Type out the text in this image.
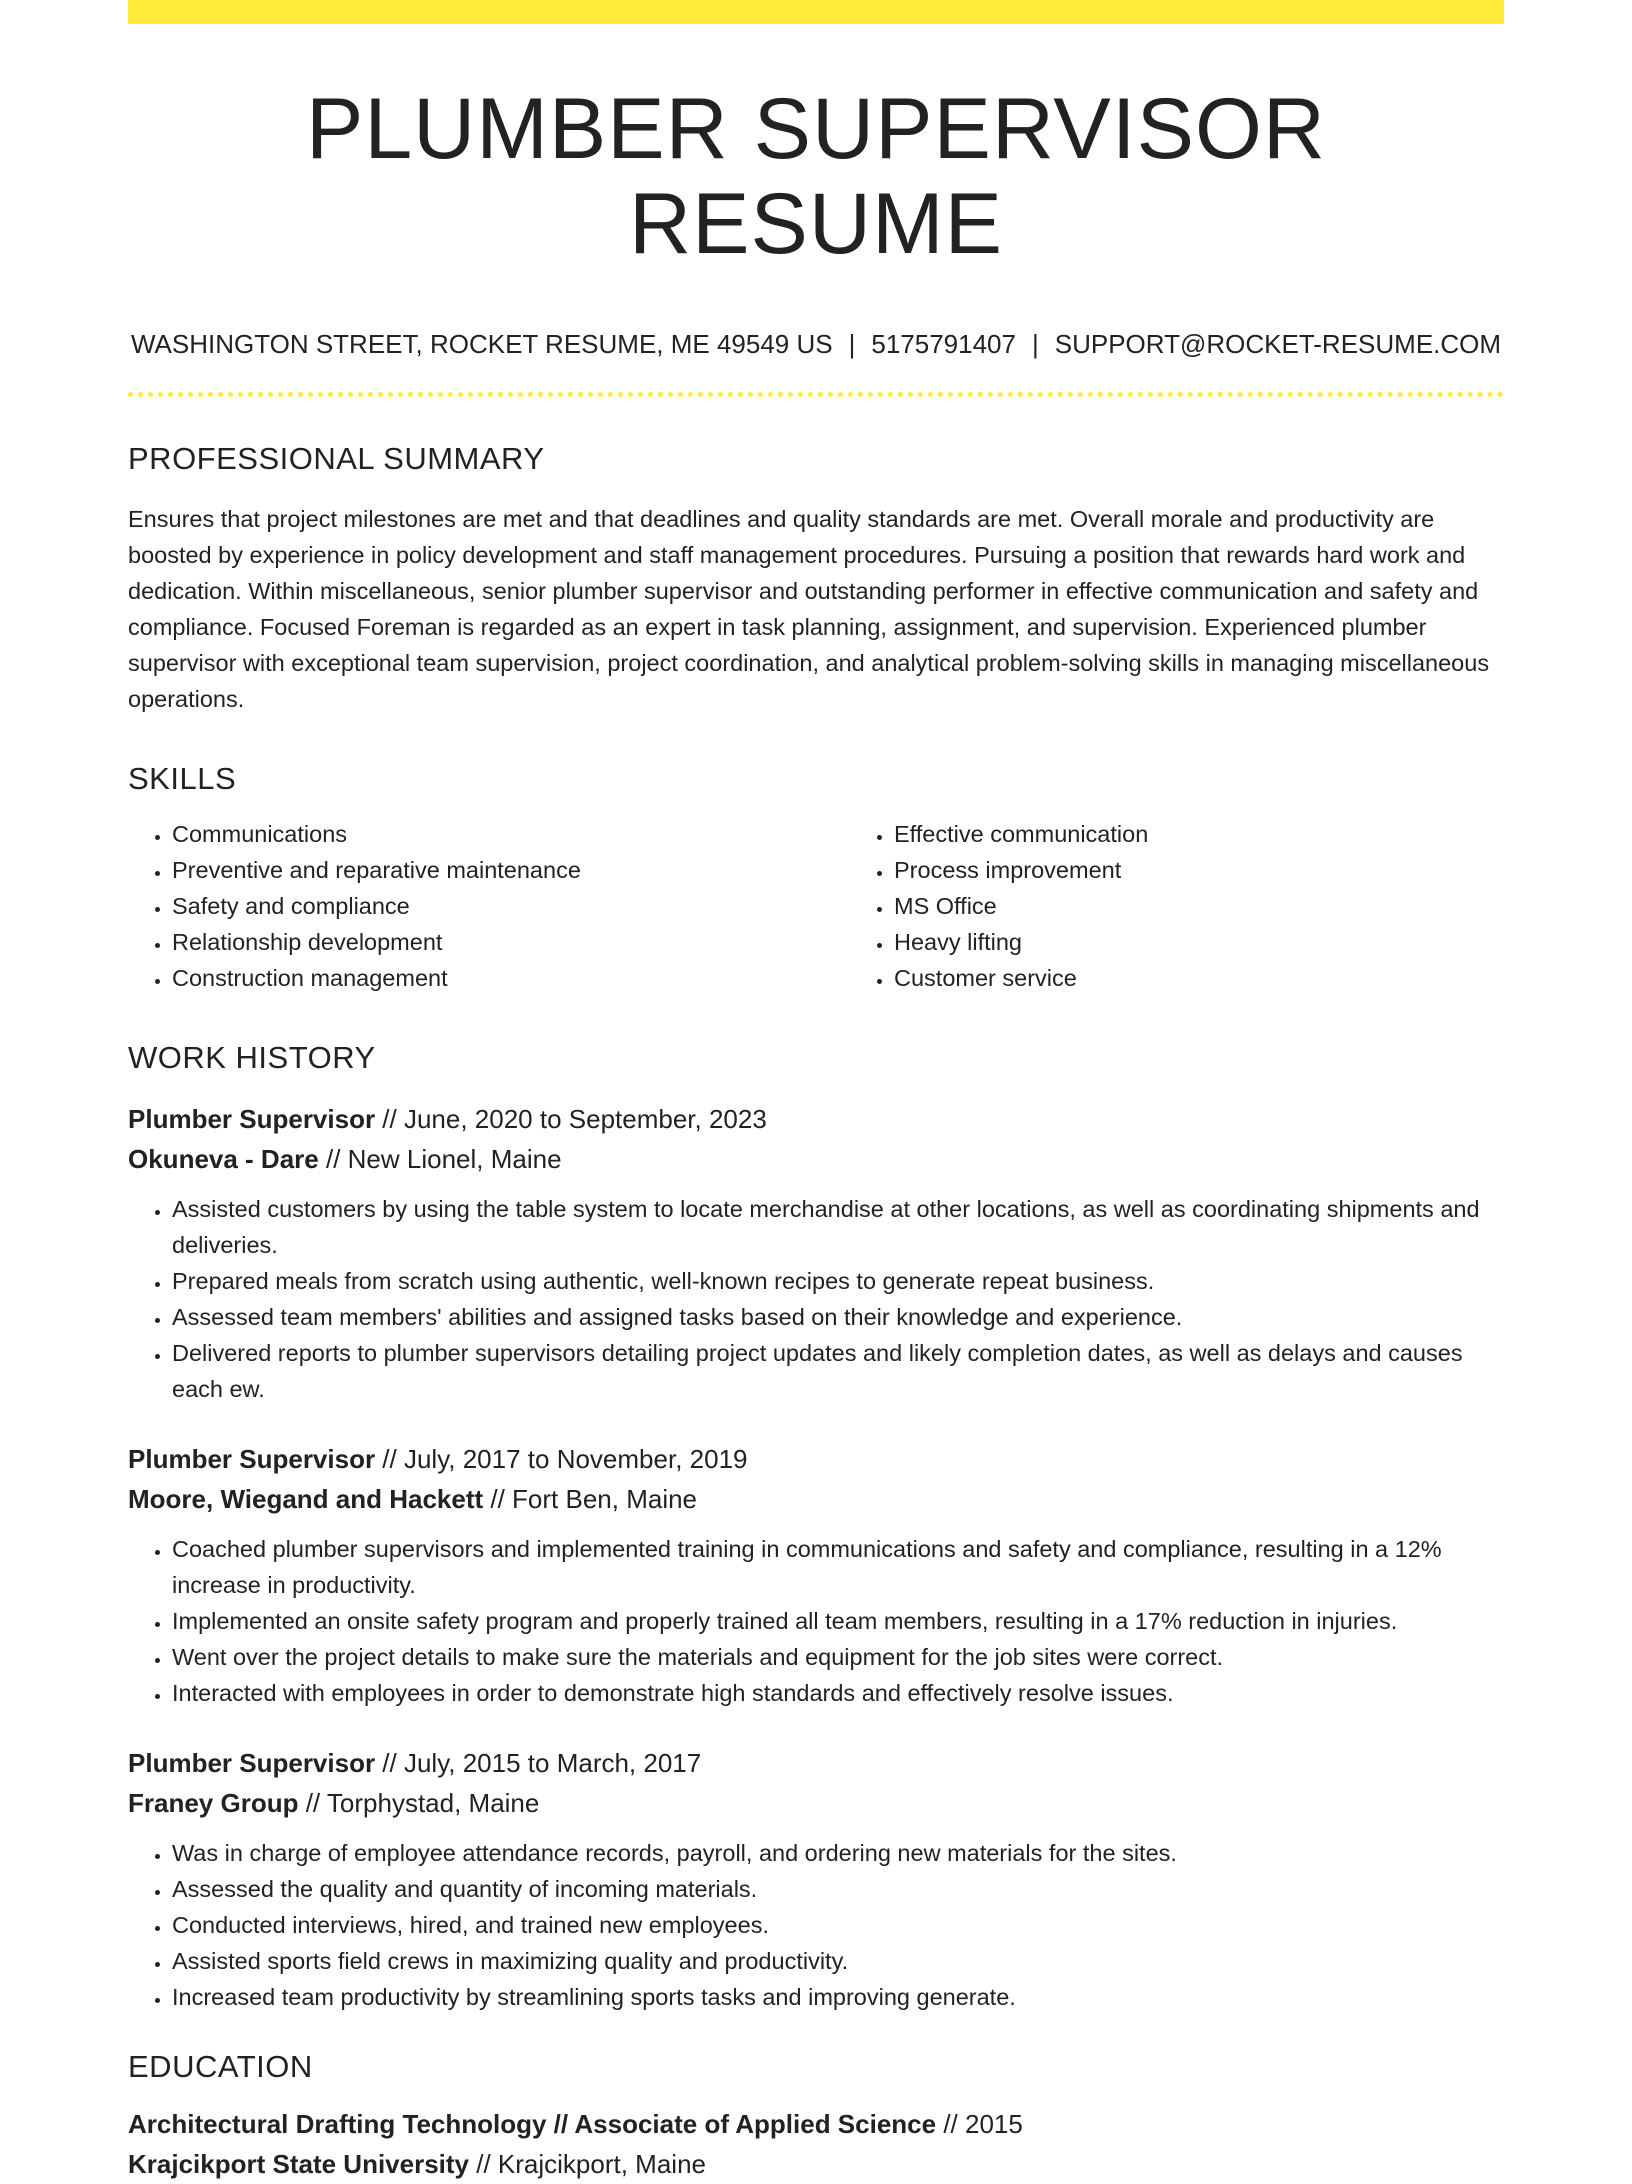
PLUMBER SUPERVISOR RESUME
WASHINGTON STREET, ROCKET RESUME, ME 49549 US | 5175791407 | SUPPORT@ROCKET-RESUME.COM
PROFESSIONAL SUMMARY
Ensures that project milestones are met and that deadlines and quality standards are met. Overall morale and productivity are boosted by experience in policy development and staff management procedures. Pursuing a position that rewards hard work and dedication. Within miscellaneous, senior plumber supervisor and outstanding performer in effective communication and safety and compliance. Focused Foreman is regarded as an expert in task planning, assignment, and supervision. Experienced plumber supervisor with exceptional team supervision, project coordination, and analytical problem-solving skills in managing miscellaneous operations.
SKILLS
• Communications
• Preventive and reparative maintenance
• Safety and compliance
• Relationship development
• Construction management
• Effective communication
• Process improvement
• MS Office
• Heavy lifting
• Customer service
WORK HISTORY
Plumber Supervisor // June, 2020 to September, 2023
Okuneva - Dare // New Lionel, Maine
• Assisted customers by using the table system to locate merchandise at other locations, as well as coordinating shipments and deliveries.
• Prepared meals from scratch using authentic, well-known recipes to generate repeat business.
• Assessed team members' abilities and assigned tasks based on their knowledge and experience.
• Delivered reports to plumber supervisors detailing project updates and likely completion dates, as well as delays and causes each ew.
Plumber Supervisor // July, 2017 to November, 2019
Moore, Wiegand and Hackett // Fort Ben, Maine
• Coached plumber supervisors and implemented training in communications and safety and compliance, resulting in a 12% increase in productivity.
• Implemented an onsite safety program and properly trained all team members, resulting in a 17% reduction in injuries.
• Went over the project details to make sure the materials and equipment for the job sites were correct.
• Interacted with employees in order to demonstrate high standards and effectively resolve issues.
Plumber Supervisor // July, 2015 to March, 2017
Franey Group // Torphystad, Maine
• Was in charge of employee attendance records, payroll, and ordering new materials for the sites.
• Assessed the quality and quantity of incoming materials.
• Conducted interviews, hired, and trained new employees.
• Assisted sports field crews in maximizing quality and productivity.
• Increased team productivity by streamlining sports tasks and improving generate.
EDUCATION
Architectural Drafting Technology // Associate of Applied Science // 2015
Krajcikport State University // Krajcikport, Maine
